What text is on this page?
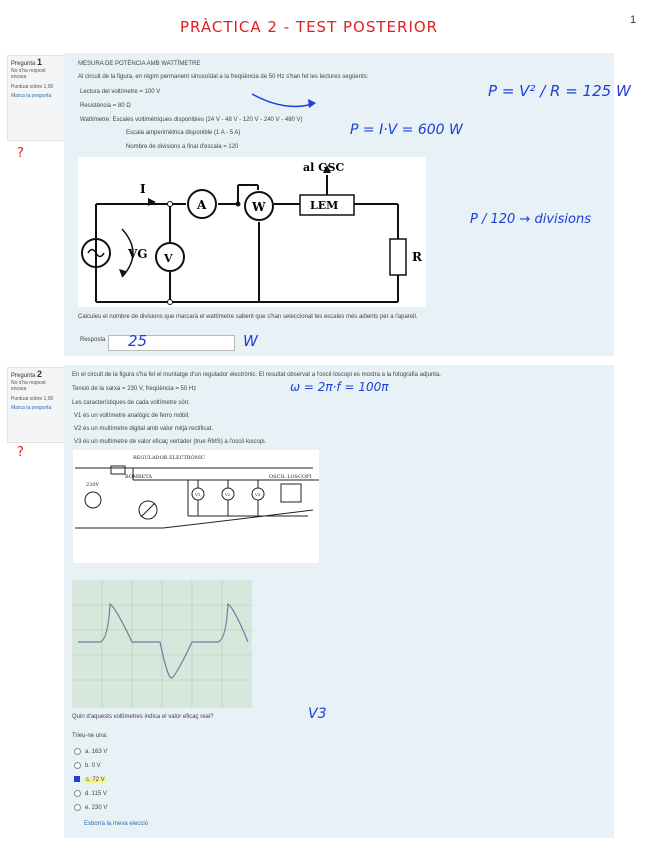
PRÀCTICA 2 - TEST POSTERIOR	1
Pregunta 1
No s'ha respost encara
Puntuat sobre 1,00
Marca la pregunta
?
MESURA DE POTÈNCIA AMB WATTÍMETRE
Al circuit de la figura, en règim permanent sinusoïdal a la freqüència de 50 Hz s'han fet les lectures següents:
Lectura del voltímetre = 100 V
Resistència = 80 Ω
Wattímetre: Escales voltimètriques disponibles (24 V - 48 V - 120 V - 240 V - 480 V)
Escala amperimètrica disponible (1 A - 5 A)
Nombre de divisions a final d'escala = 120
I
A	W	LEM
al GSC
R
V
VG
Calculeu el nombre de divisions que marcarà el wattímetre sabent que s'han seleccionat les escales més adients per a l'aparell.
Resposta 25	W
P = V² / R = 125 W
P = I·V = 600 W
P / 120 → divisions
Pregunta 2
No s'ha respost encara
Puntuat sobre 1,00
Marca la pregunta
?
En el circuit de la figura s'ha fet el muntatge d'un regulador electrònic. El resultat observat a l'oscil·loscopi es mostra a la fotografia adjunta.
Tensió de la xarxa = 230 V, freqüència = 50 Hz
Les característiques de cada voltímetre són:
V1 és un voltímetre analògic de ferro mòbil.
V2 és un multímetre digital amb valor mitjà rectificat.
V3 és un multímetre de valor eficaç vertader (true RMS) a l'oscil·loscopi.
REGULADOR ELECTRÒNIC
BOMBETA
230V
OSCIL·LOSCOPI
V1	V2	V3
Quin d'aquests voltímetres indica el valor eficaç real?
Trieu-ne una:
a. 163 V
b. 0 V
c. 72 V
d. 115 V
e. 230 V
Esborra la meva elecció
ω = 2π·f = 100π
V3
